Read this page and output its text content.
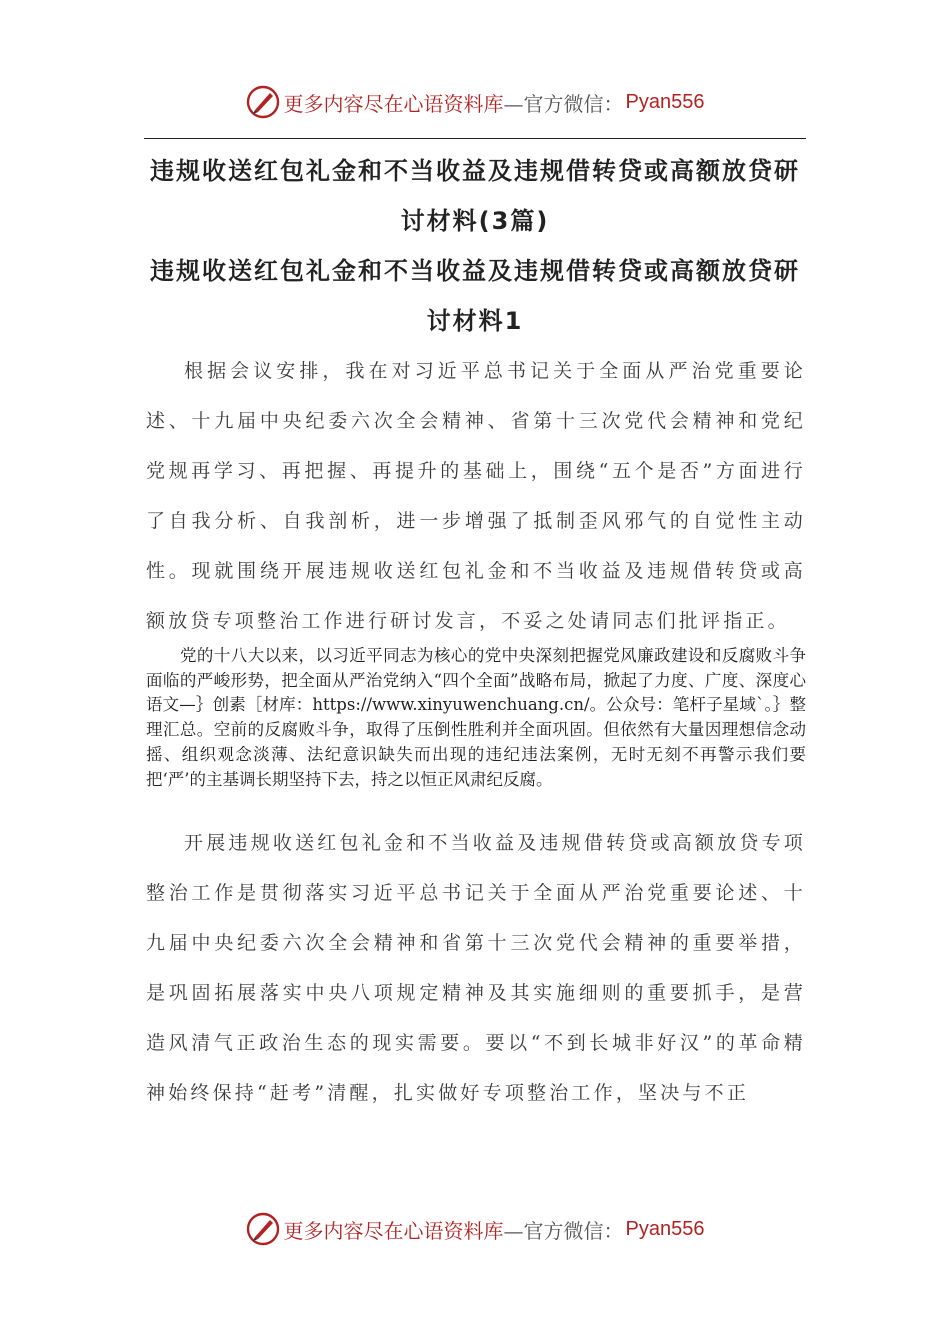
更多内容尽在心语资料库 —官方微信： Pyan556
违规收送红包礼金和不当收益及违规借转贷或高额放贷研
讨材料(3篇)
违规收送红包礼金和不当收益及违规借转贷或高额放贷研
讨材料1

根据会议安排，我在对习近平总书记关于全面从严治党重要论述、十九届中央纪委六次全会精神、省第十三次党代会精神和党纪党规再学习、再把握、再提升的基础上，围绕“五个是否”方面进行了自我分析、自我剖析，进一步增强了抵制歪风邪气的自觉性主动性。现就围绕开展违规收送红包礼金和不当收益及违规借转贷或高额放贷专项整治工作进行研讨发言，不妥之处请同志们批评指正。

党的十八大以来，以习近平同志为核心的党中央深刻把握党风廉政建设和反腐败斗争面临的严峻形势，把全面从严治党纳入“四个全面”战略布局，掀起了力度、广度、深度心语文—｝创素［材库：https://www.xinyuwenchuang.cn/。公众号：笔杆子星域`。｝整理汇总。空前的反腐败斗争，取得了压倒性胜利并全面巩固。但依然有大量因理想信念动摇、组织观念淡薄、法纪意识缺失而出现的违纪违法案例，无时无刻不再警示我们要把‘严’的主基调长期坚持下去，持之以恒正风肃纪反腐。

开展违规收送红包礼金和不当收益及违规借转贷或高额放贷专项整治工作是贯彻落实习近平总书记关于全面从严治党重要论述、十九届中央纪委六次全会精神和省第十三次党代会精神的重要举措，是巩固拓展落实中央八项规定精神及其实施细则的重要抓手，是营造风清气正政治生态的现实需要。要以“不到长城非好汉”的革命精神始终保持“赶考”清醒，扎实做好专项整治工作，坚决与不正

更多内容尽在心语资料库 —官方微信： Pyan556
